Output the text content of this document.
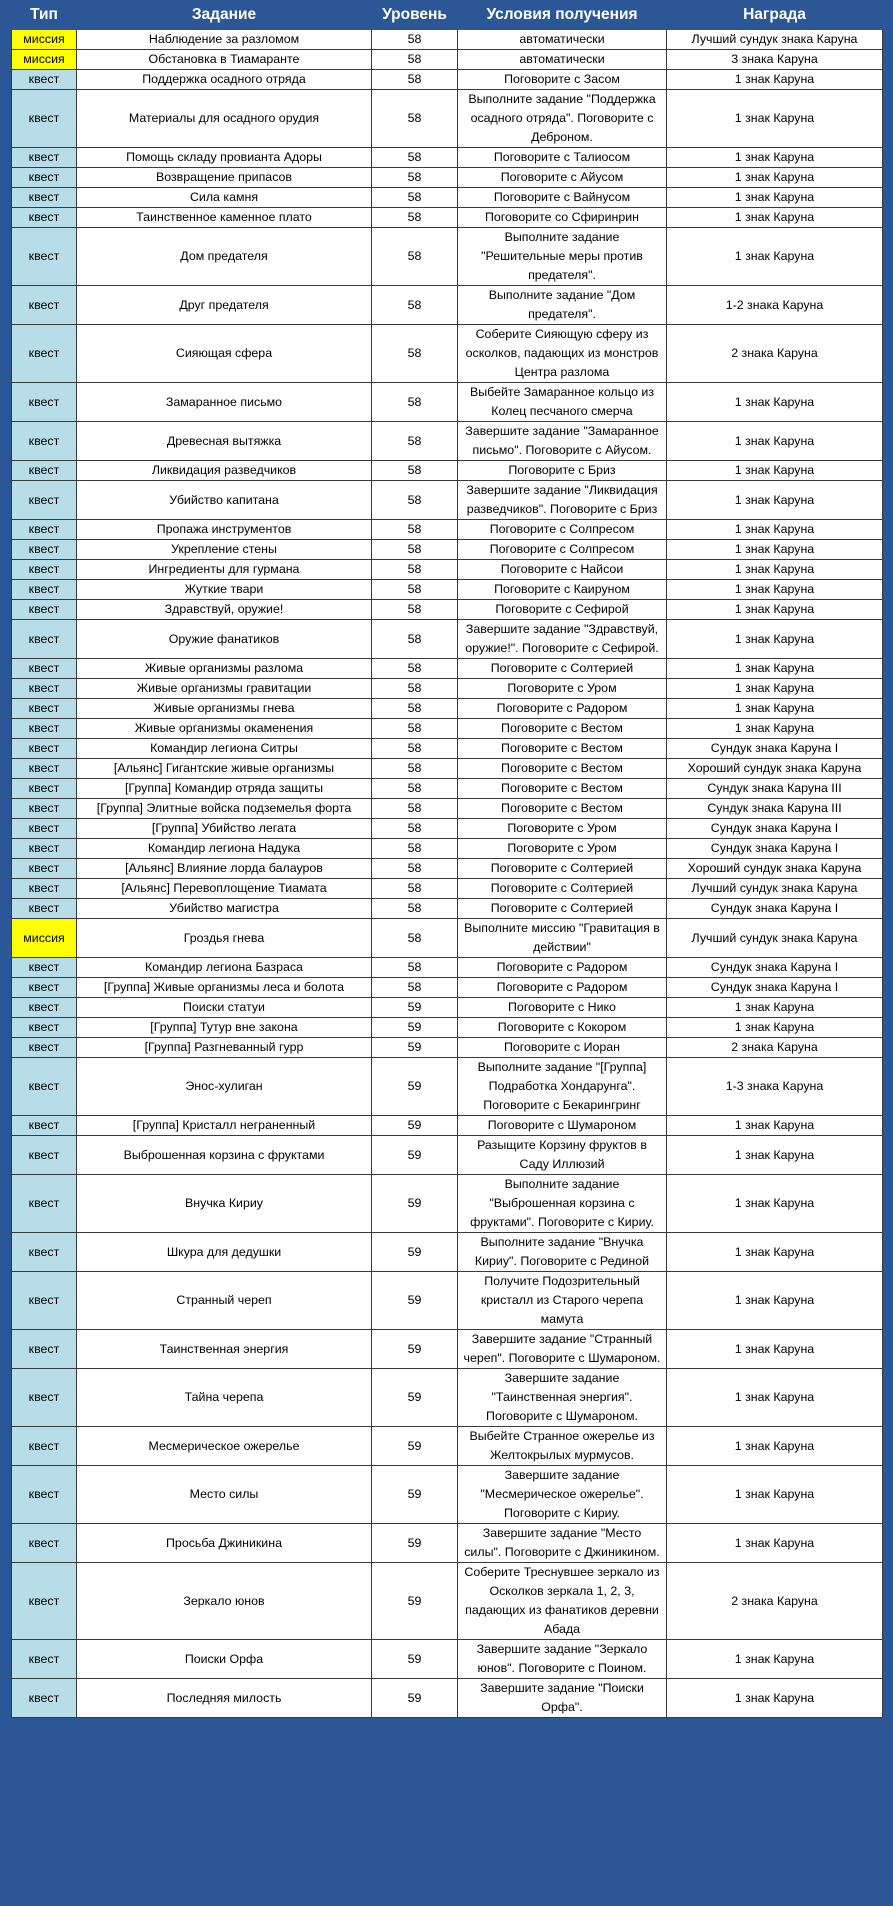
Тип	Задание	Уровень	Условия получения	Награда
миссия	Наблюдение за разломом	58	автоматически	Лучший сундук знака Каруна
миссия	Обстановка в Тиамаранте	58	автоматически	3 знака Каруна
квест	Поддержка осадного отряда	58	Поговорите с Засом	1 знак Каруна
квест	Материалы для осадного орудия	58	Выполните задание "Поддержка осадного отряда". Поговорите с Деброном.	1 знак Каруна
квест	Помощь складу провианта Адоры	58	Поговорите с Талиосом	1 знак Каруна
квест	Возвращение припасов	58	Поговорите с Айусом	1 знак Каруна
квест	Сила камня	58	Поговорите с Вайнусом	1 знак Каруна
квест	Таинственное каменное плато	58	Поговорите со Сфиринрин	1 знак Каруна
квест	Дом предателя	58	Выполните задание "Решительные меры против предателя".	1 знак Каруна
квест	Друг предателя	58	Выполните задание "Дом предателя".	1-2 знака Каруна
квест	Сияющая сфера	58	Соберите Сияющую сферу из осколков, падающих из монстров Центра разлома	2 знака Каруна
квест	Замаранное письмо	58	Выбейте Замаранное кольцо из Колец песчаного смерча	1 знак Каруна
квест	Древесная вытяжка	58	Завершите задание "Замаранное письмо". Поговорите с Айусом.	1 знак Каруна
квест	Ликвидация разведчиков	58	Поговорите с Бриз	1 знак Каруна
квест	Убийство капитана	58	Завершите задание "Ликвидация разведчиков". Поговорите с Бриз	1 знак Каруна
квест	Пропажа инструментов	58	Поговорите с Солпресом	1 знак Каруна
квест	Укрепление стены	58	Поговорите с Солпресом	1 знак Каруна
квест	Ингредиенты для гурмана	58	Поговорите с Найсои	1 знак Каруна
квест	Жуткие твари	58	Поговорите с Каируном	1 знак Каруна
квест	Здравствуй, оружие!	58	Поговорите с Сефирой	1 знак Каруна
квест	Оружие фанатиков	58	Завершите задание "Здравствуй, оружие!". Поговорите с Сефирой.	1 знак Каруна
квест	Живые организмы разлома	58	Поговорите с Солтерией	1 знак Каруна
квест	Живые организмы гравитации	58	Поговорите с Уром	1 знак Каруна
квест	Живые организмы гнева	58	Поговорите с Радором	1 знак Каруна
квест	Живые организмы окаменения	58	Поговорите с Вестом	1 знак Каруна
квест	Командир легиона Ситры	58	Поговорите с Вестом	Сундук знака Каруна I
квест	[Альянс] Гигантские живые организмы	58	Поговорите с Вестом	Хороший сундук знака Каруна
квест	[Группа] Командир отряда защиты	58	Поговорите с Вестом	Сундук знака Каруна III
квест	[Группа] Элитные войска подземелья форта	58	Поговорите с Вестом	Сундук знака Каруна III
квест	[Группа] Убийство легата	58	Поговорите с Уром	Сундук знака Каруна I
квест	Командир легиона Надука	58	Поговорите с Уром	Сундук знака Каруна I
квест	[Альянс] Влияние лорда балауров	58	Поговорите с Солтерией	Хороший сундук знака Каруна
квест	[Альянс] Перевоплощение Тиамата	58	Поговорите с Солтерией	Лучший сундук знака Каруна
квест	Убийство магистра	58	Поговорите с Солтерией	Сундук знака Каруна I
миссия	Гроздья гнева	58	Выполните миссию "Гравитация в действии"	Лучший сундук знака Каруна
квест	Командир легиона Базраса	58	Поговорите с Радором	Сундук знака Каруна I
квест	[Группа] Живые организмы леса и болота	58	Поговорите с Радором	Сундук знака Каруна I
квест	Поиски статуи	59	Поговорите с Нико	1 знак Каруна
квест	[Группа] Тутур вне закона	59	Поговорите с Кокором	1 знак Каруна
квест	[Группа] Разгневанный гурр	59	Поговорите с Иоран	2 знака Каруна
квест	Энос-хулиган	59	Выполните задание "[Группа] Подработка Хондарунга". Поговорите с Бекарингринг	1-3 знака Каруна
квест	[Группа] Кристалл неграненный	59	Поговорите с Шумароном	1 знак Каруна
квест	Выброшенная корзина с фруктами	59	Разыщите Корзину фруктов в Саду Иллюзий	1 знак Каруна
квест	Внучка Кириу	59	Выполните задание "Выброшенная корзина с фруктами". Поговорите с Кириу.	1 знак Каруна
квест	Шкура для дедушки	59	Выполните задание "Внучка Кириу". Поговорите с Рединой	1 знак Каруна
квест	Странный череп	59	Получите Подозрительный кристалл из Старого черепа мамута	1 знак Каруна
квест	Таинственная энергия	59	Завершите задание "Странный череп". Поговорите с Шумароном.	1 знак Каруна
квест	Тайна черепа	59	Завершите задание "Таинственная энергия". Поговорите с Шумароном.	1 знак Каруна
квест	Месмерическое ожерелье	59	Выбейте Странное ожерелье из Желтокрылых мурмусов.	1 знак Каруна
квест	Место силы	59	Завершите задание "Месмерическое ожерелье". Поговорите с Кириу.	1 знак Каруна
квест	Просьба Джиникина	59	Завершите задание "Место силы". Поговорите с Джиникином.	1 знак Каруна
квест	Зеркало юнов	59	Соберите Треснувшее зеркало из Осколков зеркала 1, 2, 3, падающих из фанатиков деревни Абада	2 знака Каруна
квест	Поиски Орфа	59	Завершите задание "Зеркало юнов". Поговорите с Поином.	1 знак Каруна
квест	Последняя милость	59	Завершите задание "Поиски Орфа".	1 знак Каруна
